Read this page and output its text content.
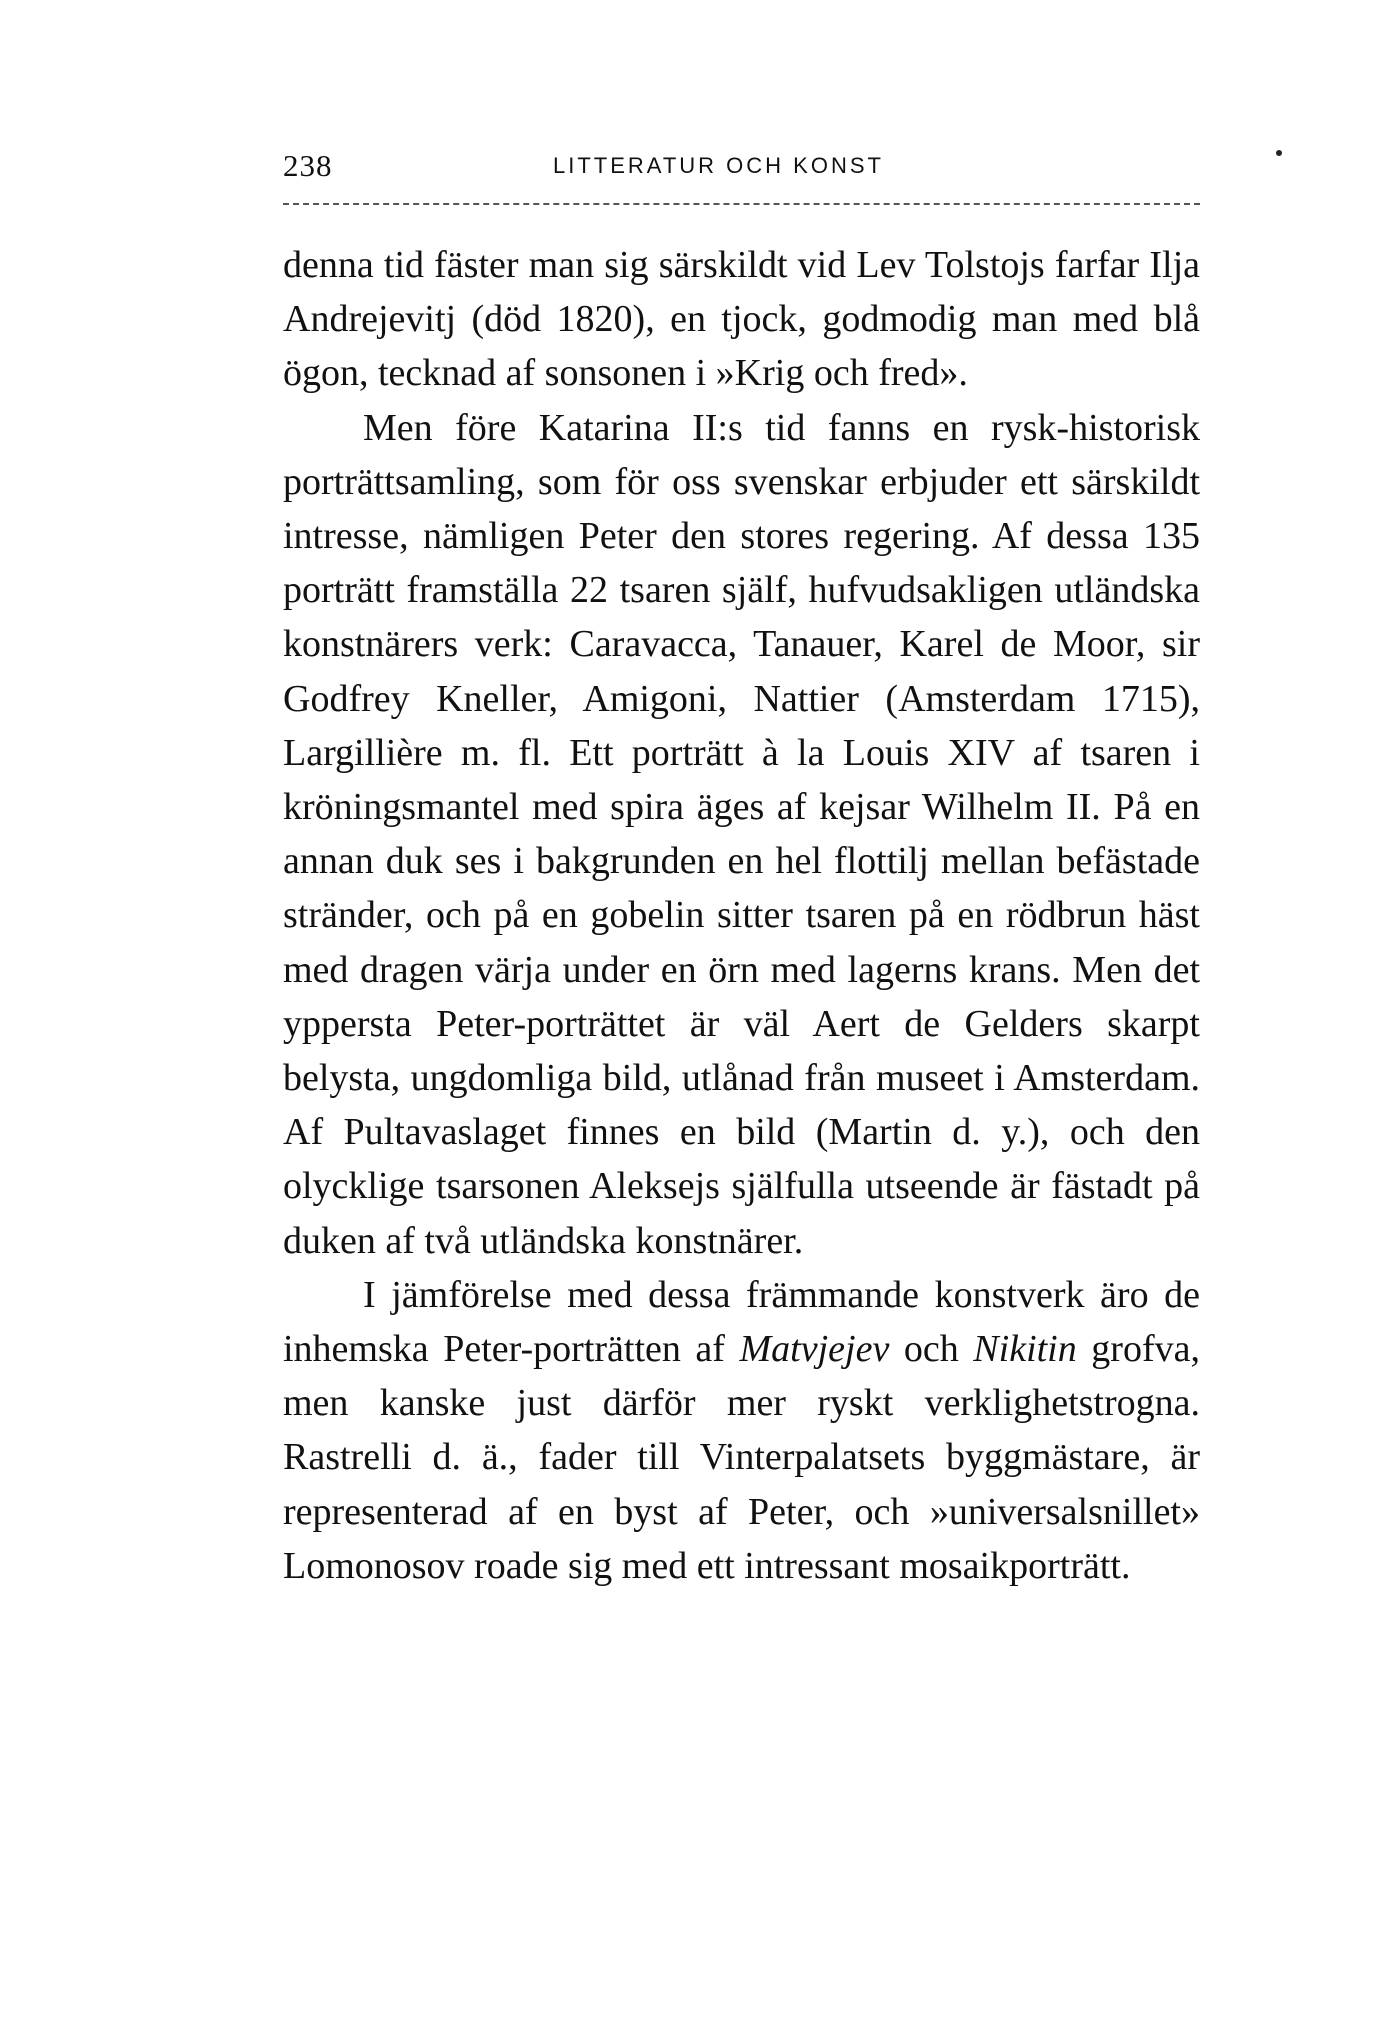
238	LITTERATUR OCH KONST

denna tid fäster man sig särskildt vid Lev Tolstojs farfar Ilja Andrejevitj (död 1820), en tjock, godmodig man med blå ögon, tecknad af sonsonen i »Krig och fred».

Men före Katarina II:s tid fanns en rysk-historisk porträttsamling, som för oss svenskar erbjuder ett särskildt intresse, nämligen Peter den stores regering. Af dessa 135 porträtt framställa 22 tsaren själf, hufvudsakligen utländska konstnärers verk: Caravacca, Tanauer, Karel de Moor, sir Godfrey Kneller, Amigoni, Nattier (Amsterdam 1715), Largillière m. fl. Ett porträtt à la Louis XIV af tsaren i kröningsmantel med spira äges af kejsar Wilhelm II. På en annan duk ses i bakgrunden en hel flottilj mellan befästade stränder, och på en gobelin sitter tsaren på en rödbrun häst med dragen värja under en örn med lagerns krans. Men det yppersta Peter-porträttet är väl Aert de Gelders skarpt belysta, ungdomliga bild, utlånad från museet i Amsterdam. Af Pultavaslaget finnes en bild (Martin d. y.), och den olycklige tsarsonen Aleksejs själfulla utseende är fästadt på duken af två utländska konstnärer.

I jämförelse med dessa främmande konstverk äro de inhemska Peter-porträtten af Matvjejev och Nikitin grofva, men kanske just därför mer ryskt verklighetstrogna. Rastrelli d. ä., fader till Vinterpalatsets byggmästare, är representerad af en byst af Peter, och »universalsnillet» Lomonosov roade sig med ett intressant mosaikporträtt.
